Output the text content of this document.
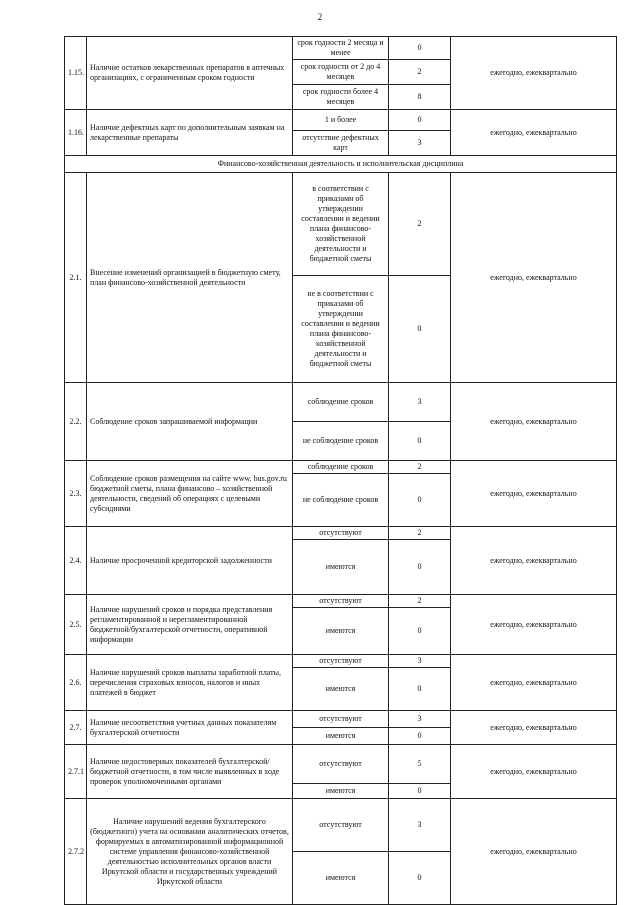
2
1.15.	Наличие остатков лекарственных препаратов в аптечных организациях, с ограниченным сроком годности	срок годности 2 месяца и менее	0	ежегодно, ежеквартально
		срок годности от 2 до 4 месяцев	2	
		срок годности более 4 месяцев	8	
1.16.	Наличие дефектных карт по дополнительным заявкам на лекарственные препараты	1 и более	0	ежегодно, ежеквартально
		отсутствие дефектных карт	3	
Финансово-хозяйственная деятельность и исполнительская дисциплина				
2.1.	Внесение изменений организацией в бюджетную смету, план финансово-хозяйственной деятельности	в соответствии с приказами об утверждении составлении и ведении плана финансово-хозяйственной деятельности и бюджетной сметы	2	ежегодно, ежеквартально
		не в соответствии с приказами об утверждении составлении и ведении плана финансово-хозяйственной деятельности и бюджетной сметы	0	
2.2.	Соблюдение сроков запрашиваемой информации	соблюдение сроков	3	ежегодно, ежеквартально
		не соблюдение сроков	0	
2.3.	Соблюдение сроков размещения на сайте www. bus.gov.ru бюджетной сметы, плана финансово – хозяйственной деятельности, сведений об операциях с целевыми субсидиями	соблюдение сроков	2	ежегодно, ежеквартально
		не соблюдение сроков	0	
2.4.	Наличие просроченной кредиторской задолженности	отсутствуют	2	ежегодно, ежеквартально
		имеются	0	
2.5.	Наличие нарушений сроков и порядка представления регламентированной и нерегламентированной бюджетной/бухгалтерской отчетности, оперативной информации	отсутствуют	2	ежегодно, ежеквартально
		имеются	0	
2.6.	Наличие нарушений сроков выплаты заработной платы, перечисления страховых взносов, налогов и иных платежей в бюджет	отсутствуют	3	ежегодно, ежеквартально
		имеются	0	
2.7.	Наличие несоответствия учетных данных показателям бухгалтерской отчетности	отсутствуют	3	ежегодно, ежеквартально
		имеются	0	
2.7.1	Наличие недостоверных показателей бухгалтерской/бюджетной отчетности, в том числе выявленных в ходе проверок уполномоченными органами	отсутствуют	5	ежегодно, ежеквартально
		имеются	0	
2.7.2	Наличие нарушений ведения бухгалтерского (бюджетного) учета на основании аналитических отчетов, формируемых в автоматизированной информационной системе управления финансово-хозяйственной деятельностью исполнительных органов власти Иркутской области и государственных учреждений Иркутской области	отсутствуют	3	ежегодно, ежеквартально
		имеются	0	
